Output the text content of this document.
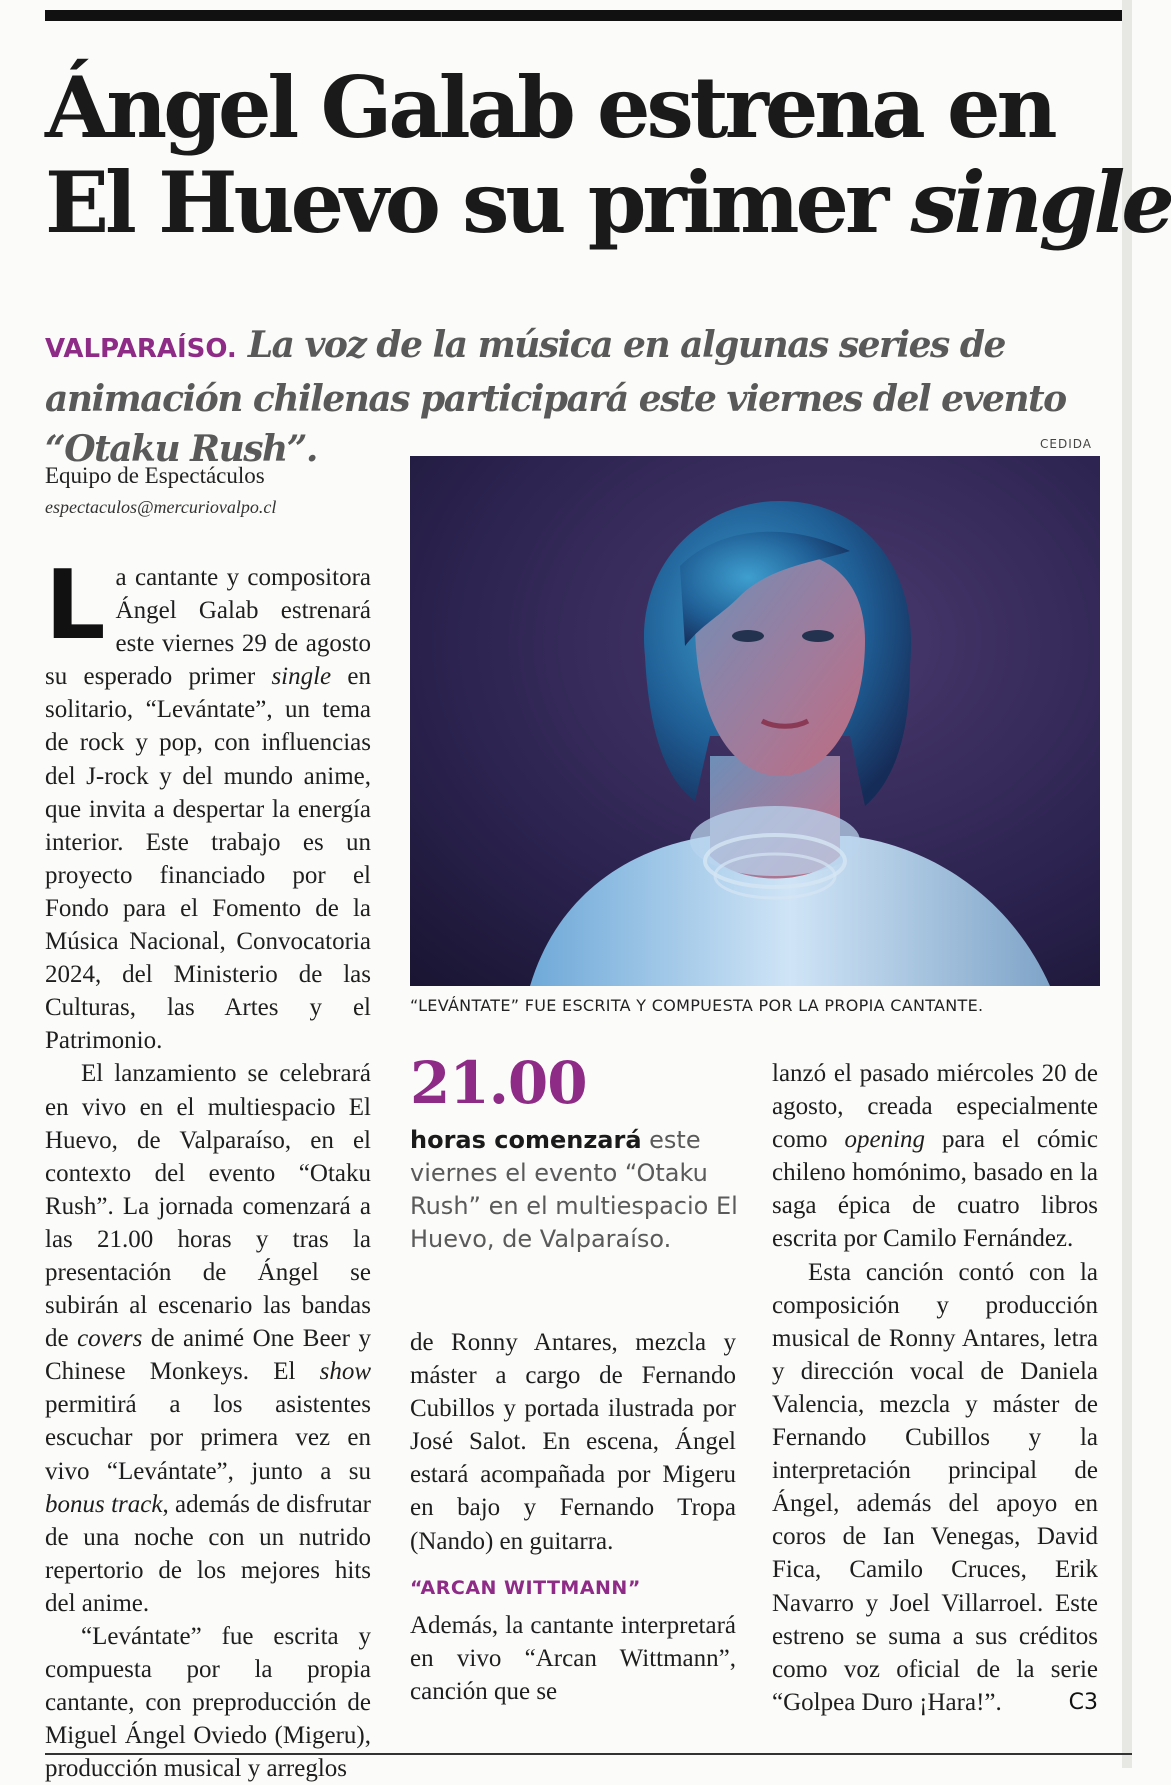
Ángel Galab estrena en
El Huevo su primer single

VALPARAÍSO. La voz de la música en algunas series de animación chilenas participará este viernes del evento “Otaku Rush”.	CEDIDA
Equipo de Espectáculos
espectaculos@mercuriovalpo.cl
“LEVÁNTATE” FUE ESCRITA Y COMPUESTA POR LA PROPIA CANTANTE.
21.00

horas comenzará este viernes el evento “Otaku Rush” en el multiespacio El Huevo, de Valparaíso.

La cantante y compositora Ángel Galab estrenará este viernes 29 de agosto su esperado primer single en solitario, “Levántate”, un tema de rock y pop, con influencias del J-rock y del mundo anime, que invita a despertar la energía interior. Este trabajo es un proyecto financiado por el Fondo para el Fomento de la Música Nacional, Convocatoria 2024, del Ministerio de las Culturas, las Artes y el Patrimonio.

El lanzamiento se celebrará en vivo en el multiespacio El Huevo, de Valparaíso, en el contexto del evento “Otaku Rush”. La jornada comenzará a las 21.00 horas y tras la presentación de Ángel se subirán al escenario las bandas de covers de animé One Beer y Chinese Monkeys. El show permitirá a los asistentes escuchar por primera vez en vivo “Levántate”, junto a su bonus track, además de disfrutar de una noche con un nutrido repertorio de los mejores hits del anime.

“Levántate” fue escrita y compuesta por la propia cantante, con preproducción de Miguel Ángel Oviedo (Migeru), producción musical y arreglos

de Ronny Antares, mezcla y máster a cargo de Fernando Cubillos y portada ilustrada por José Salot. En escena, Ángel estará acompañada por Migeru en bajo y Fernando Tropa (Nando) en guitarra.

“ARCAN WITTMANN”

Además, la cantante interpretará en vivo “Arcan Wittmann”, canción que se

lanzó el pasado miércoles 20 de agosto, creada especialmente como opening para el cómic chileno homónimo, basado en la saga épica de cuatro libros escrita por Camilo Fernández.

Esta canción contó con la composición y producción musical de Ronny Antares, letra y dirección vocal de Daniela Valencia, mezcla y máster de Fernando Cubillos y la interpretación principal de Ángel, además del apoyo en coros de Ian Venegas, David Fica, Camilo Cruces, Erik Navarro y Joel Villarroel. Este estreno se suma a sus créditos como voz oficial de la serie “Golpea Duro ¡Hara!”.	C3
